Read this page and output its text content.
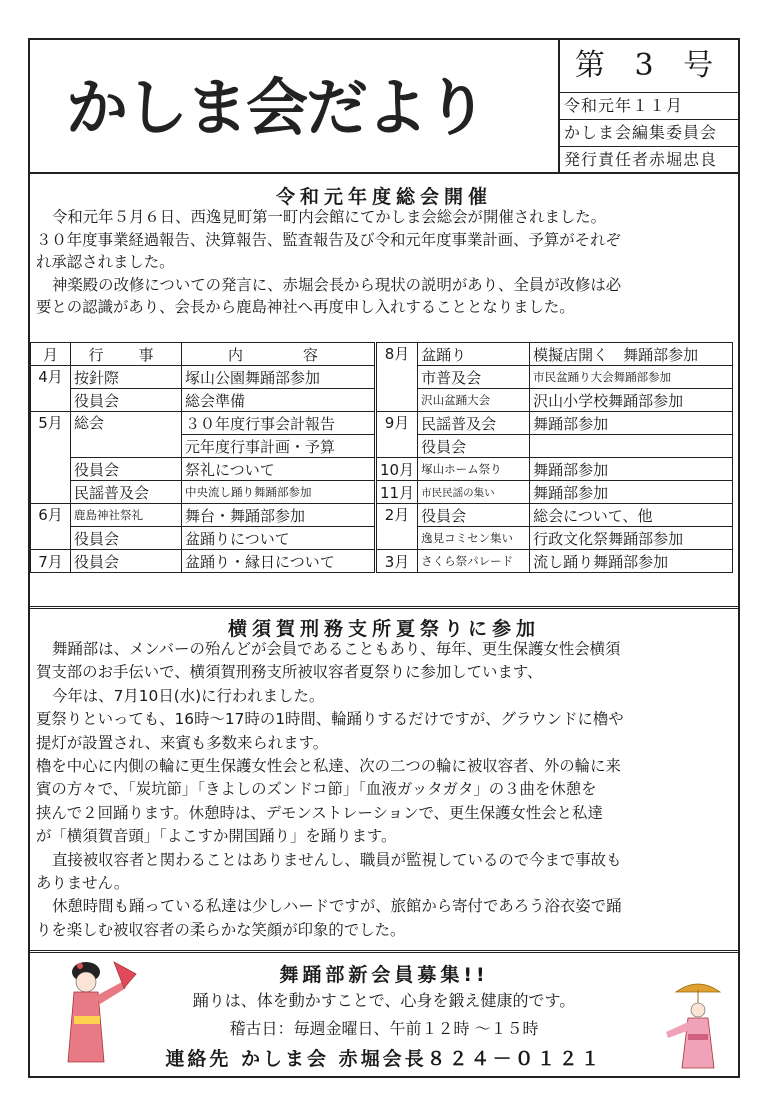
かしま会だより
第 3 号
令和元年１１月
かしま会編集委員会
発行責任者赤堀忠良
令和元年度総会開催
令和元年５月６日、西逸見町第一町内会館にてかしま会総会が開催されました。
３０年度事業経過報告、決算報告、監査報告及び令和元年度事業計画、予算がそれぞ
れ承認されました。
神楽殿の改修についての発言に、赤堀会長から現状の説明があり、全員が改修は必
要との認識があり、会長から鹿島神社へ再度申し入れすることとなりました。
月	行　事	内　　容	8月	盆踊り	模擬店開く　舞踊部参加
4月	按針際	塚山公園舞踊部参加		市普及会	市民盆踊り大会舞踊部参加
	役員会	総会準備		沢山盆踊大会	沢山小学校舞踊部参加
5月	総会	３０年度行事会計報告	9月	民謡普及会	舞踊部参加
		元年度行事計画・予算		役員会	
	役員会	祭礼について	10月	塚山ホーム祭り	舞踊部参加
	民謡普及会	中央流し踊り舞踊部参加	11月	市民民謡の集い	舞踊部参加
6月	鹿島神社祭礼	舞台・舞踊部参加	2月	役員会	総会について、他
	役員会	盆踊りについて		逸見コミセン集い	行政文化祭舞踊部参加
7月	役員会	盆踊り・縁日について	3月	さくら祭パレード	流し踊り舞踊部参加
横須賀刑務支所夏祭りに参加
舞踊部は、メンバーの殆んどが会員であることもあり、毎年、更生保護女性会横須
賀支部のお手伝いで、横須賀刑務支所被収容者夏祭りに参加しています、
今年は、7月10日(水)に行われました。
夏祭りといっても、16時～17時の1時間、輪踊りするだけですが、グラウンドに櫓や
提灯が設置され、来賓も多数来られます。
櫓を中心に内側の輪に更生保護女性会と私達、次の二つの輪に被収容者、外の輪に来
賓の方々で、「炭坑節」「きよしのズンドコ節」「血液ガッタガタ」の３曲を休憩を
挟んで２回踊ります。休憩時は、デモンストレーションで、更生保護女性会と私達
が「横須賀音頭」「よこすか開国踊り」を踊ります。
直接被収容者と関わることはありませんし、職員が監視しているので今まで事故も
ありません。
休憩時間も踊っている私達は少しハードですが、旅館から寄付であろう浴衣姿で踊
りを楽しむ被収容者の柔らかな笑顔が印象的でした。
舞踊部新会員募集!!
踊りは、体を動かすことで、心身を鍛え健康的です。
稽古日：毎週金曜日、午前１２時 ～１５時
連絡先 かしま会 赤堀会長８２４－０１２１
